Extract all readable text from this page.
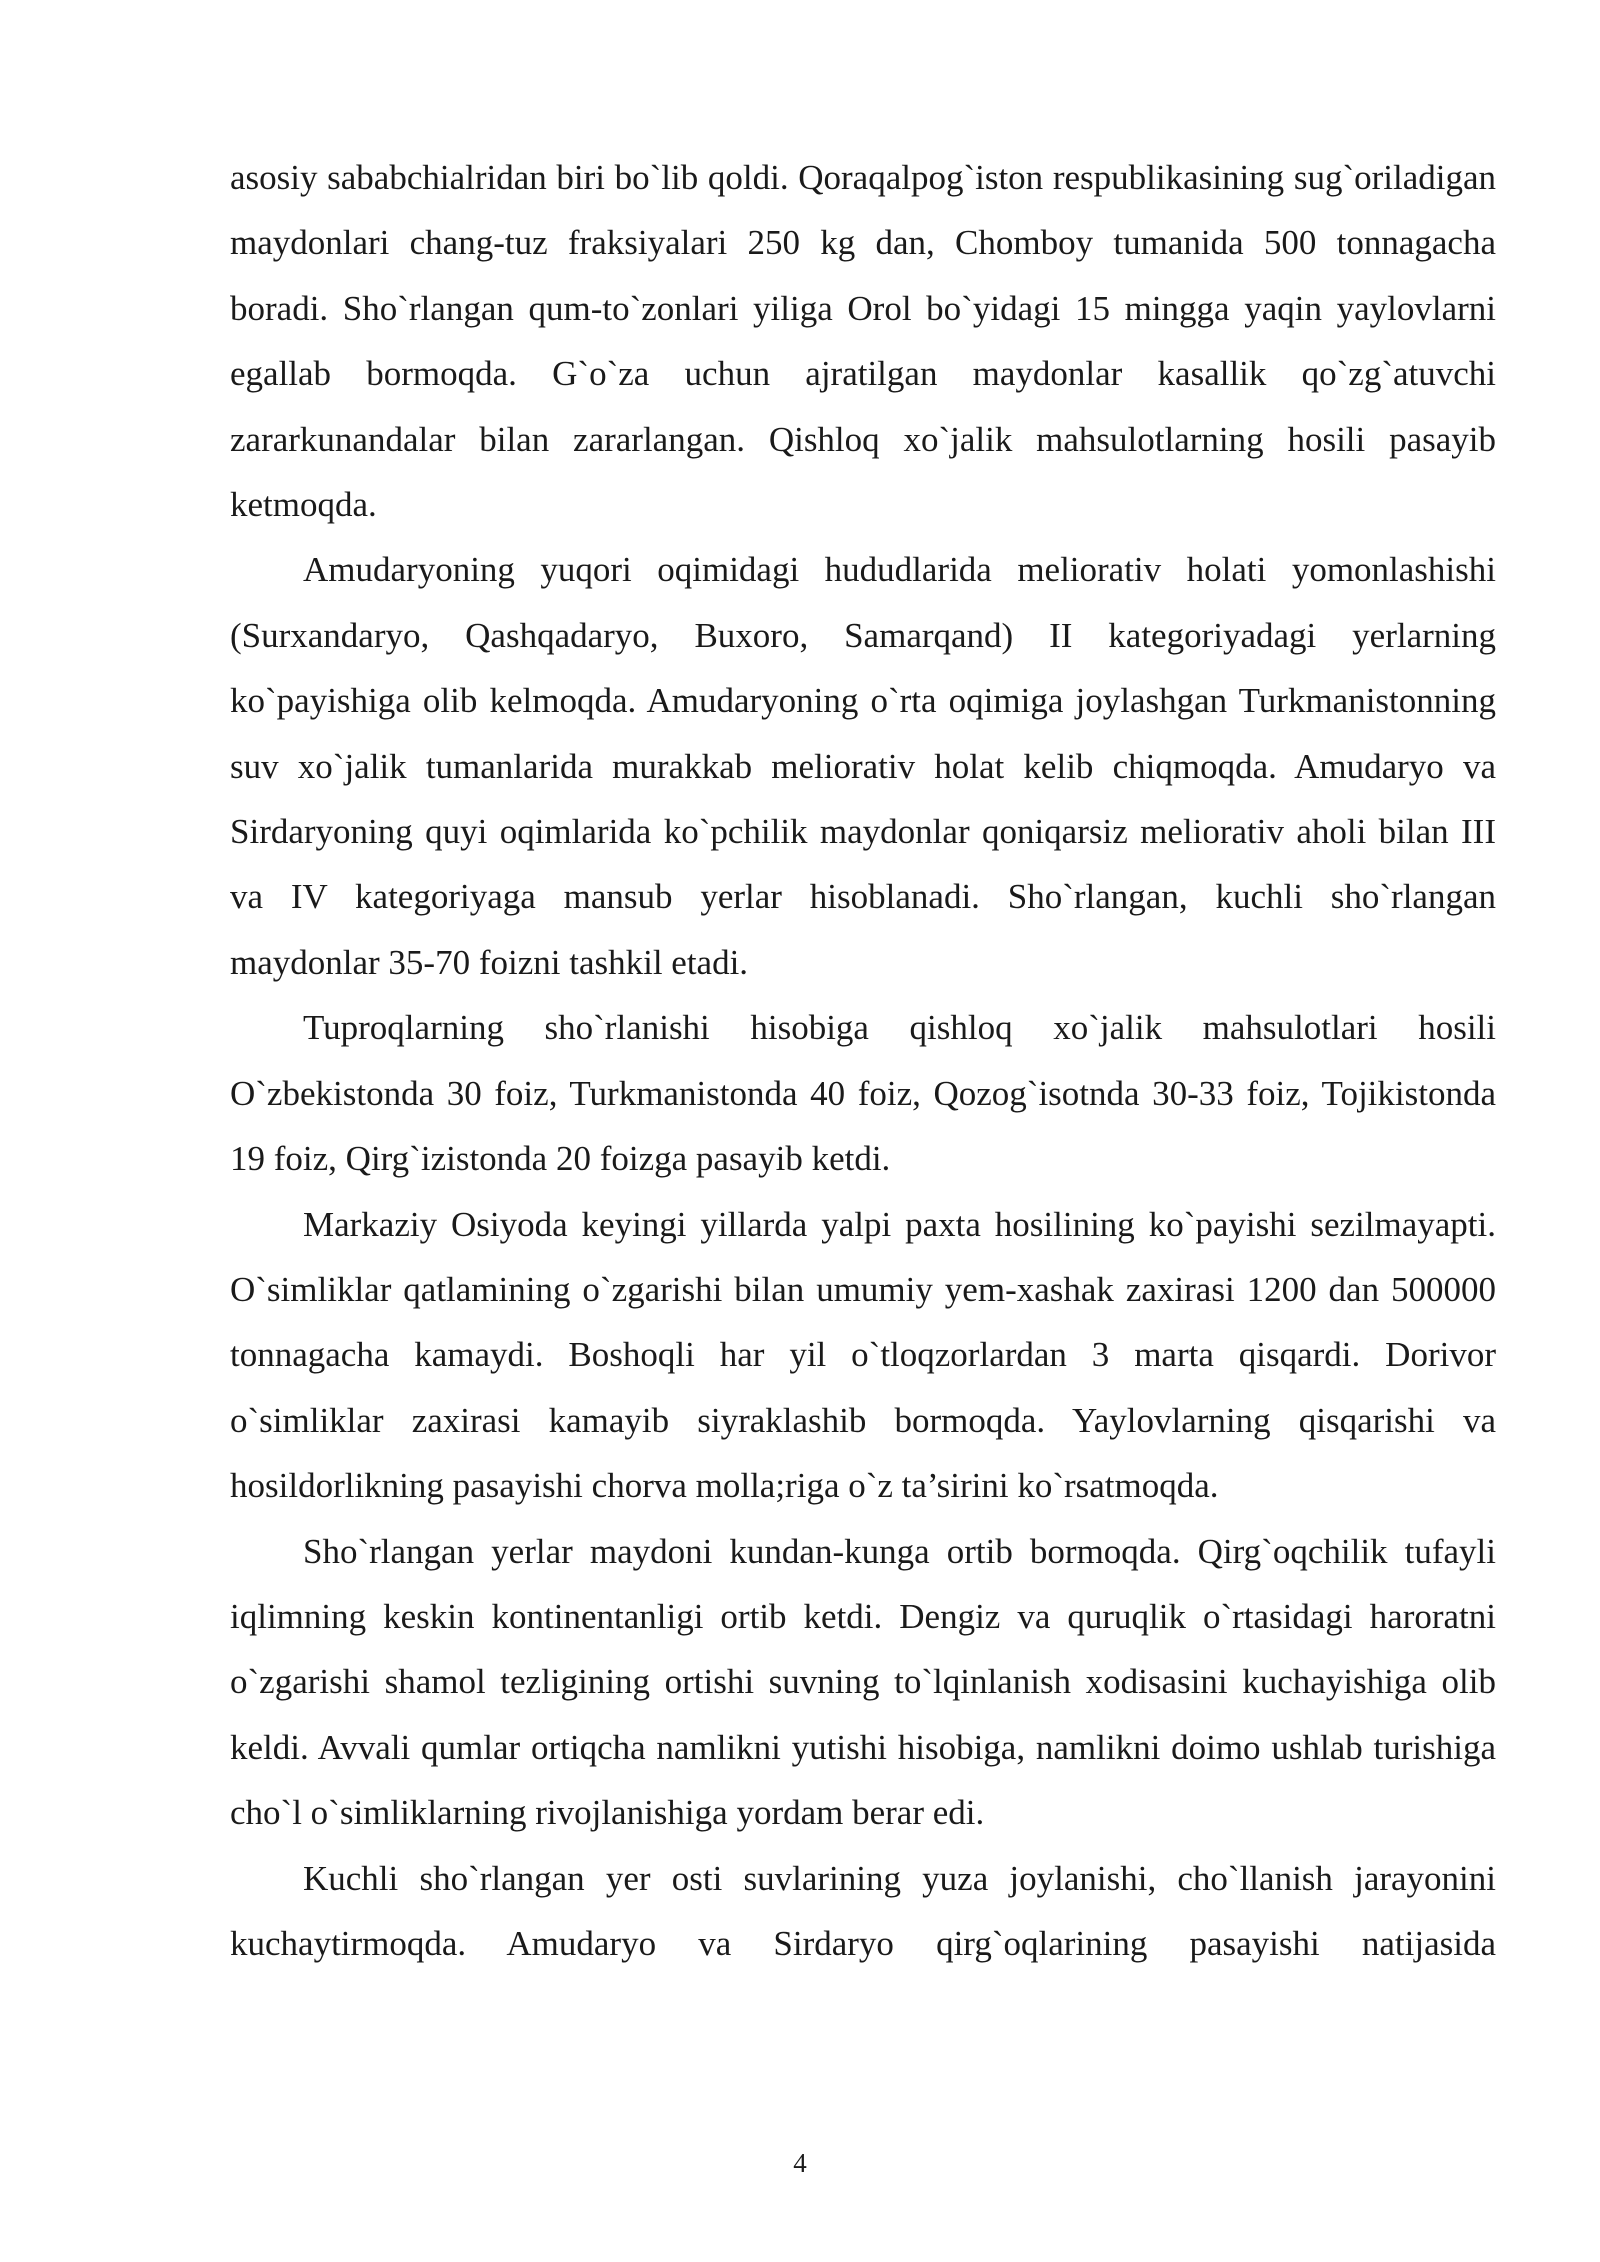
asosiy sababchialridan biri bo`lib qoldi. Qoraqalpog`iston respublikasining sug`oriladigan maydonlari chang-tuz fraksiyalari 250 kg dan, Chomboy tumanida 500 tonnagacha boradi. Sho`rlangan qum-to`zonlari yiliga Orol bo`yidagi 15 mingga yaqin yaylovlarni egallab bormoqda. G`o`za uchun ajratilgan maydonlar kasallik qo`zg`atuvchi zararkunandalar bilan zararlangan. Qishloq xo`jalik mahsulotlarning hosili pasayib ketmoqda.

Amudaryoning yuqori oqimidagi hududlarida meliorativ holati yomonlashishi (Surxandaryo, Qashqadaryo, Buxoro, Samarqand) II kategoriyadagi yerlarning ko`payishiga olib kelmoqda. Amudaryoning o`rta oqimiga joylashgan Turkmanistonning suv xo`jalik tumanlarida murakkab meliorativ holat kelib chiqmoqda. Amudaryo va Sirdaryoning quyi oqimlarida ko`pchilik maydonlar qoniqarsiz meliorativ aholi bilan III va IV kategoriyaga mansub yerlar hisoblanadi. Sho`rlangan, kuchli sho`rlangan maydonlar 35-70 foizni tashkil etadi.

Tuproqlarning sho`rlanishi hisobiga qishloq xo`jalik mahsulotlari hosili O`zbekistonda 30 foiz, Turkmanistonda 40 foiz, Qozog`isotnda 30-33 foiz, Tojikistonda 19 foiz, Qirg`izistonda 20 foizga pasayib ketdi.

Markaziy Osiyoda keyingi yillarda yalpi paxta hosilining ko`payishi sezilmayapti. O`simliklar qatlamining o`zgarishi bilan umumiy yem-xashak zaxirasi 1200 dan 500000 tonnagacha kamaydi. Boshoqli har yil o`tloqzorlardan 3 marta qisqardi. Dorivor o`simliklar zaxirasi kamayib siyraklashib bormoqda. Yaylovlarning qisqarishi va hosildorlikning pasayishi chorva molla;riga o`z ta’sirini ko`rsatmoqda.

Sho`rlangan yerlar maydoni kundan-kunga ortib bormoqda. Qirg`oqchilik tufayli iqlimning keskin kontinentanligi ortib ketdi. Dengiz va quruqlik o`rtasidagi haroratni o`zgarishi shamol tezligining ortishi suvning to`lqinlanish xodisasini kuchayishiga olib keldi. Avvali qumlar ortiqcha namlikni yutishi hisobiga, namlikni doimo ushlab turishiga cho`l o`simliklarning rivojlanishiga yordam berar edi.

Kuchli sho`rlangan yer osti suvlarining yuza joylanishi, cho`llanish jarayonini kuchaytirmoqda. Amudaryo va Sirdaryo qirg`oqlarining pasayishi natijasida

4
